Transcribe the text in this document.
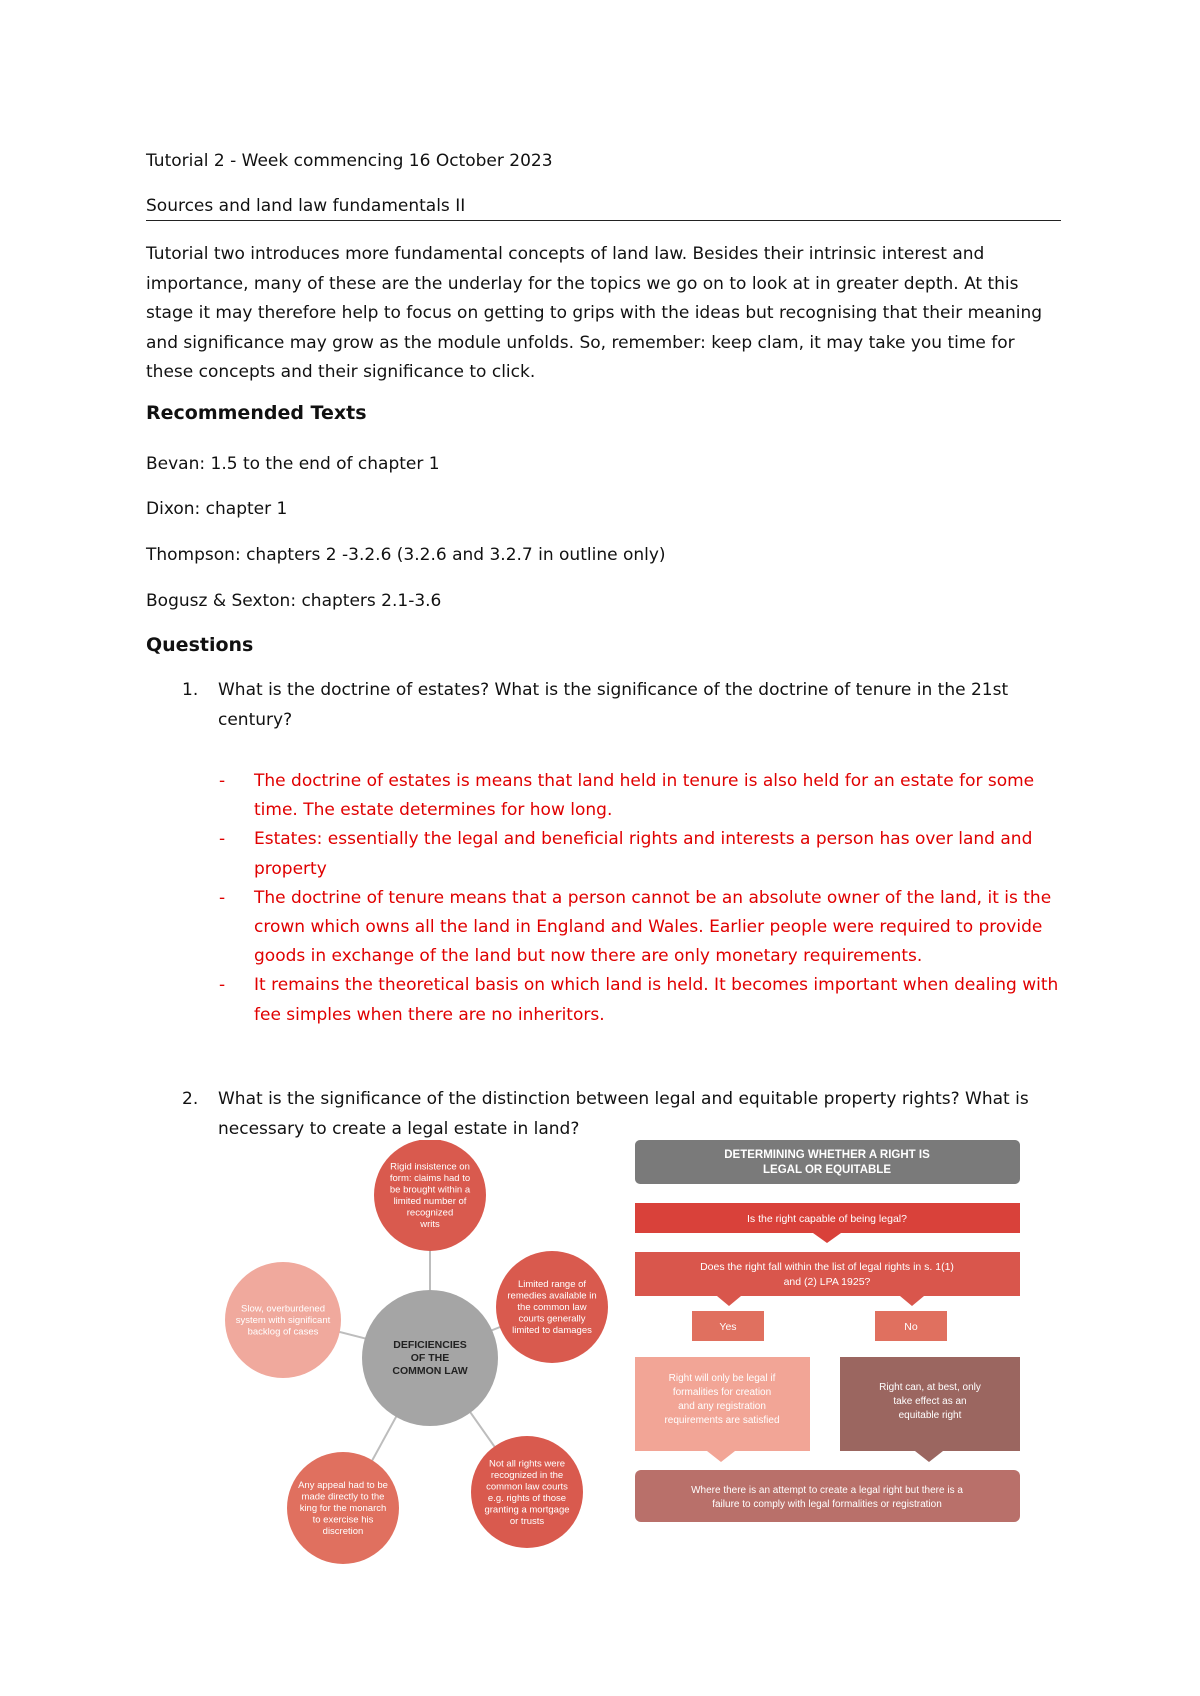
Tutorial 2 - Week commencing 16 October 2023
Sources and land law fundamentals II
Tutorial two introduces more fundamental concepts of land law. Besides their intrinsic interest and importance, many of these are the underlay for the topics we go on to look at in greater depth. At this stage it may therefore help to focus on getting to grips with the ideas but recognising that their meaning and significance may grow as the module unfolds. So, remember: keep clam, it may take you time for these concepts and their significance to click.
Recommended Texts
Bevan: 1.5 to the end of chapter 1
Dixon: chapter 1
Thompson: chapters 2 -3.2.6 (3.2.6 and 3.2.7 in outline only)
Bogusz & Sexton: chapters 2.1-3.6
Questions
1. What is the doctrine of estates? What is the significance of the doctrine of tenure in the 21st century?
- The doctrine of estates is means that land held in tenure is also held for an estate for some time. The estate determines for how long.
- Estates: essentially the legal and beneficial rights and interests a person has over land and property
- The doctrine of tenure means that a person cannot be an absolute owner of the land, it is the crown which owns all the land in England and Wales. Earlier people were required to provide goods in exchange of the land but now there are only monetary requirements.
- It remains the theoretical basis on which land is held. It becomes important when dealing with fee simples when there are no inheritors.
2. What is the significance of the distinction between legal and equitable property rights? What is necessary to create a legal estate in land?
Rigid insistence on
form: claims had to
be brought within a
limited number of
recognized
writs
Limited range of
remedies available in
the common law
courts generally
limited to damages
Not all rights were
recognized in the
common law courts
e.g. rights of those
granting a mortgage
or trusts
Any appeal had to be
made directly to the
king for the monarch
to exercise his
discretion
Slow, overburdened
system with significant
backlog of cases
DEFICIENCIES
OF THE
COMMON LAW
DETERMINING WHETHER A RIGHT IS
LEGAL OR EQUITABLE
Is the right capable of being legal?
Does the right fall within the list of legal rights in s. 1(1)
and (2) LPA 1925?
Yes	No
Right will only be legal if
formalities for creation
and any registration
requirements are satisfied
Right can, at best, only
take effect as an
equitable right
Where there is an attempt to create a legal right but there is a
failure to comply with legal formalities or registration
